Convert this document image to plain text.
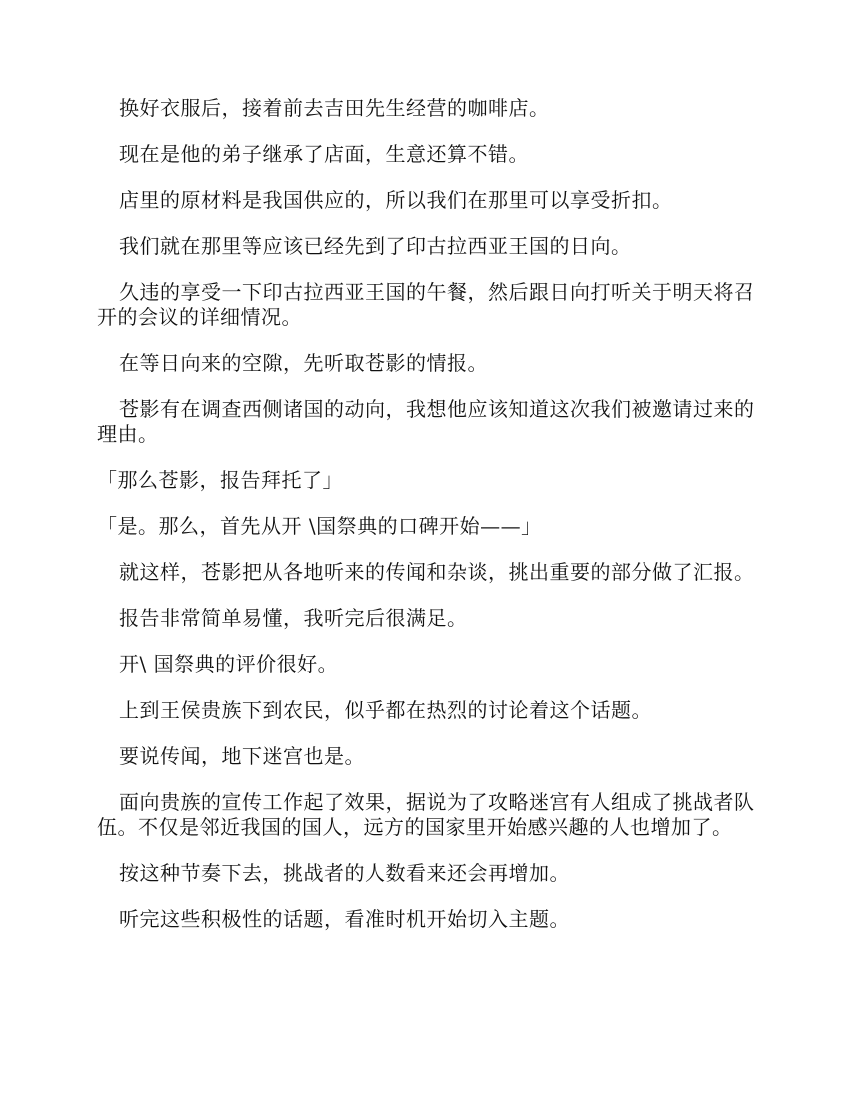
换好衣服后，接着前去吉田先生经营的咖啡店。

现在是他的弟子继承了店面，生意还算不错。

店里的原材料是我国供应的，所以我们在那里可以享受折扣。

我们就在那里等应该已经先到了印古拉西亚王国的日向。

久违的享受一下印古拉西亚王国的午餐，然后跟日向打听关于明天将召开的会议的详细情况。

在等日向来的空隙，先听取苍影的情报。

苍影有在调查西侧诸国的动向，我想他应该知道这次我们被邀请过来的理由。

「那么苍影，报告拜托了」

「是。那么，首先从开 \国祭典的口碑开始——」

就这样，苍影把从各地听来的传闻和杂谈，挑出重要的部分做了汇报。

报告非常简单易懂，我听完后很满足。

开\ 国祭典的评价很好。

上到王侯贵族下到农民，似乎都在热烈的讨论着这个话题。

要说传闻，地下迷宫也是。

面向贵族的宣传工作起了效果，据说为了攻略迷宫有人组成了挑战者队伍。不仅是邻近我国的国人，远方的国家里开始感兴趣的人也增加了。

按这种节奏下去，挑战者的人数看来还会再增加。

听完这些积极性的话题，看准时机开始切入主题。
